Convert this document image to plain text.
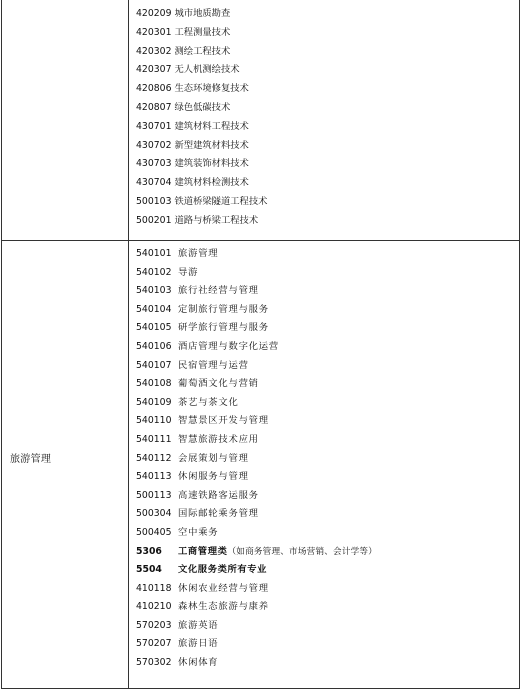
420209 城市地质勘查
420301 工程测量技术
420302 测绘工程技术
420307 无人机测绘技术
420806 生态环境修复技术
420807 绿色低碳技术
430701 建筑材料工程技术
430702 新型建筑材料技术
430703 建筑装饰材料技术
430704 建筑材料检测技术
500103 铁道桥梁隧道工程技术
500201 道路与桥梁工程技术
旅游管理
540101 旅游管理
540102 导游
540103 旅行社经营与管理
540104 定制旅行管理与服务
540105 研学旅行管理与服务
540106 酒店管理与数字化运营
540107 民宿管理与运营
540108 葡萄酒文化与营销
540109 茶艺与茶文化
540110 智慧景区开发与管理
540111 智慧旅游技术应用
540112 会展策划与管理
540113 休闲服务与管理
500113 高速铁路客运服务
500304 国际邮轮乘务管理
500405 空中乘务
5306 工商管理类（如商务管理、市场营销、会计学等）
5504 文化服务类所有专业
410118 休闲农业经营与管理
410210 森林生态旅游与康养
570203 旅游英语
570207 旅游日语
570302 休闲体育
